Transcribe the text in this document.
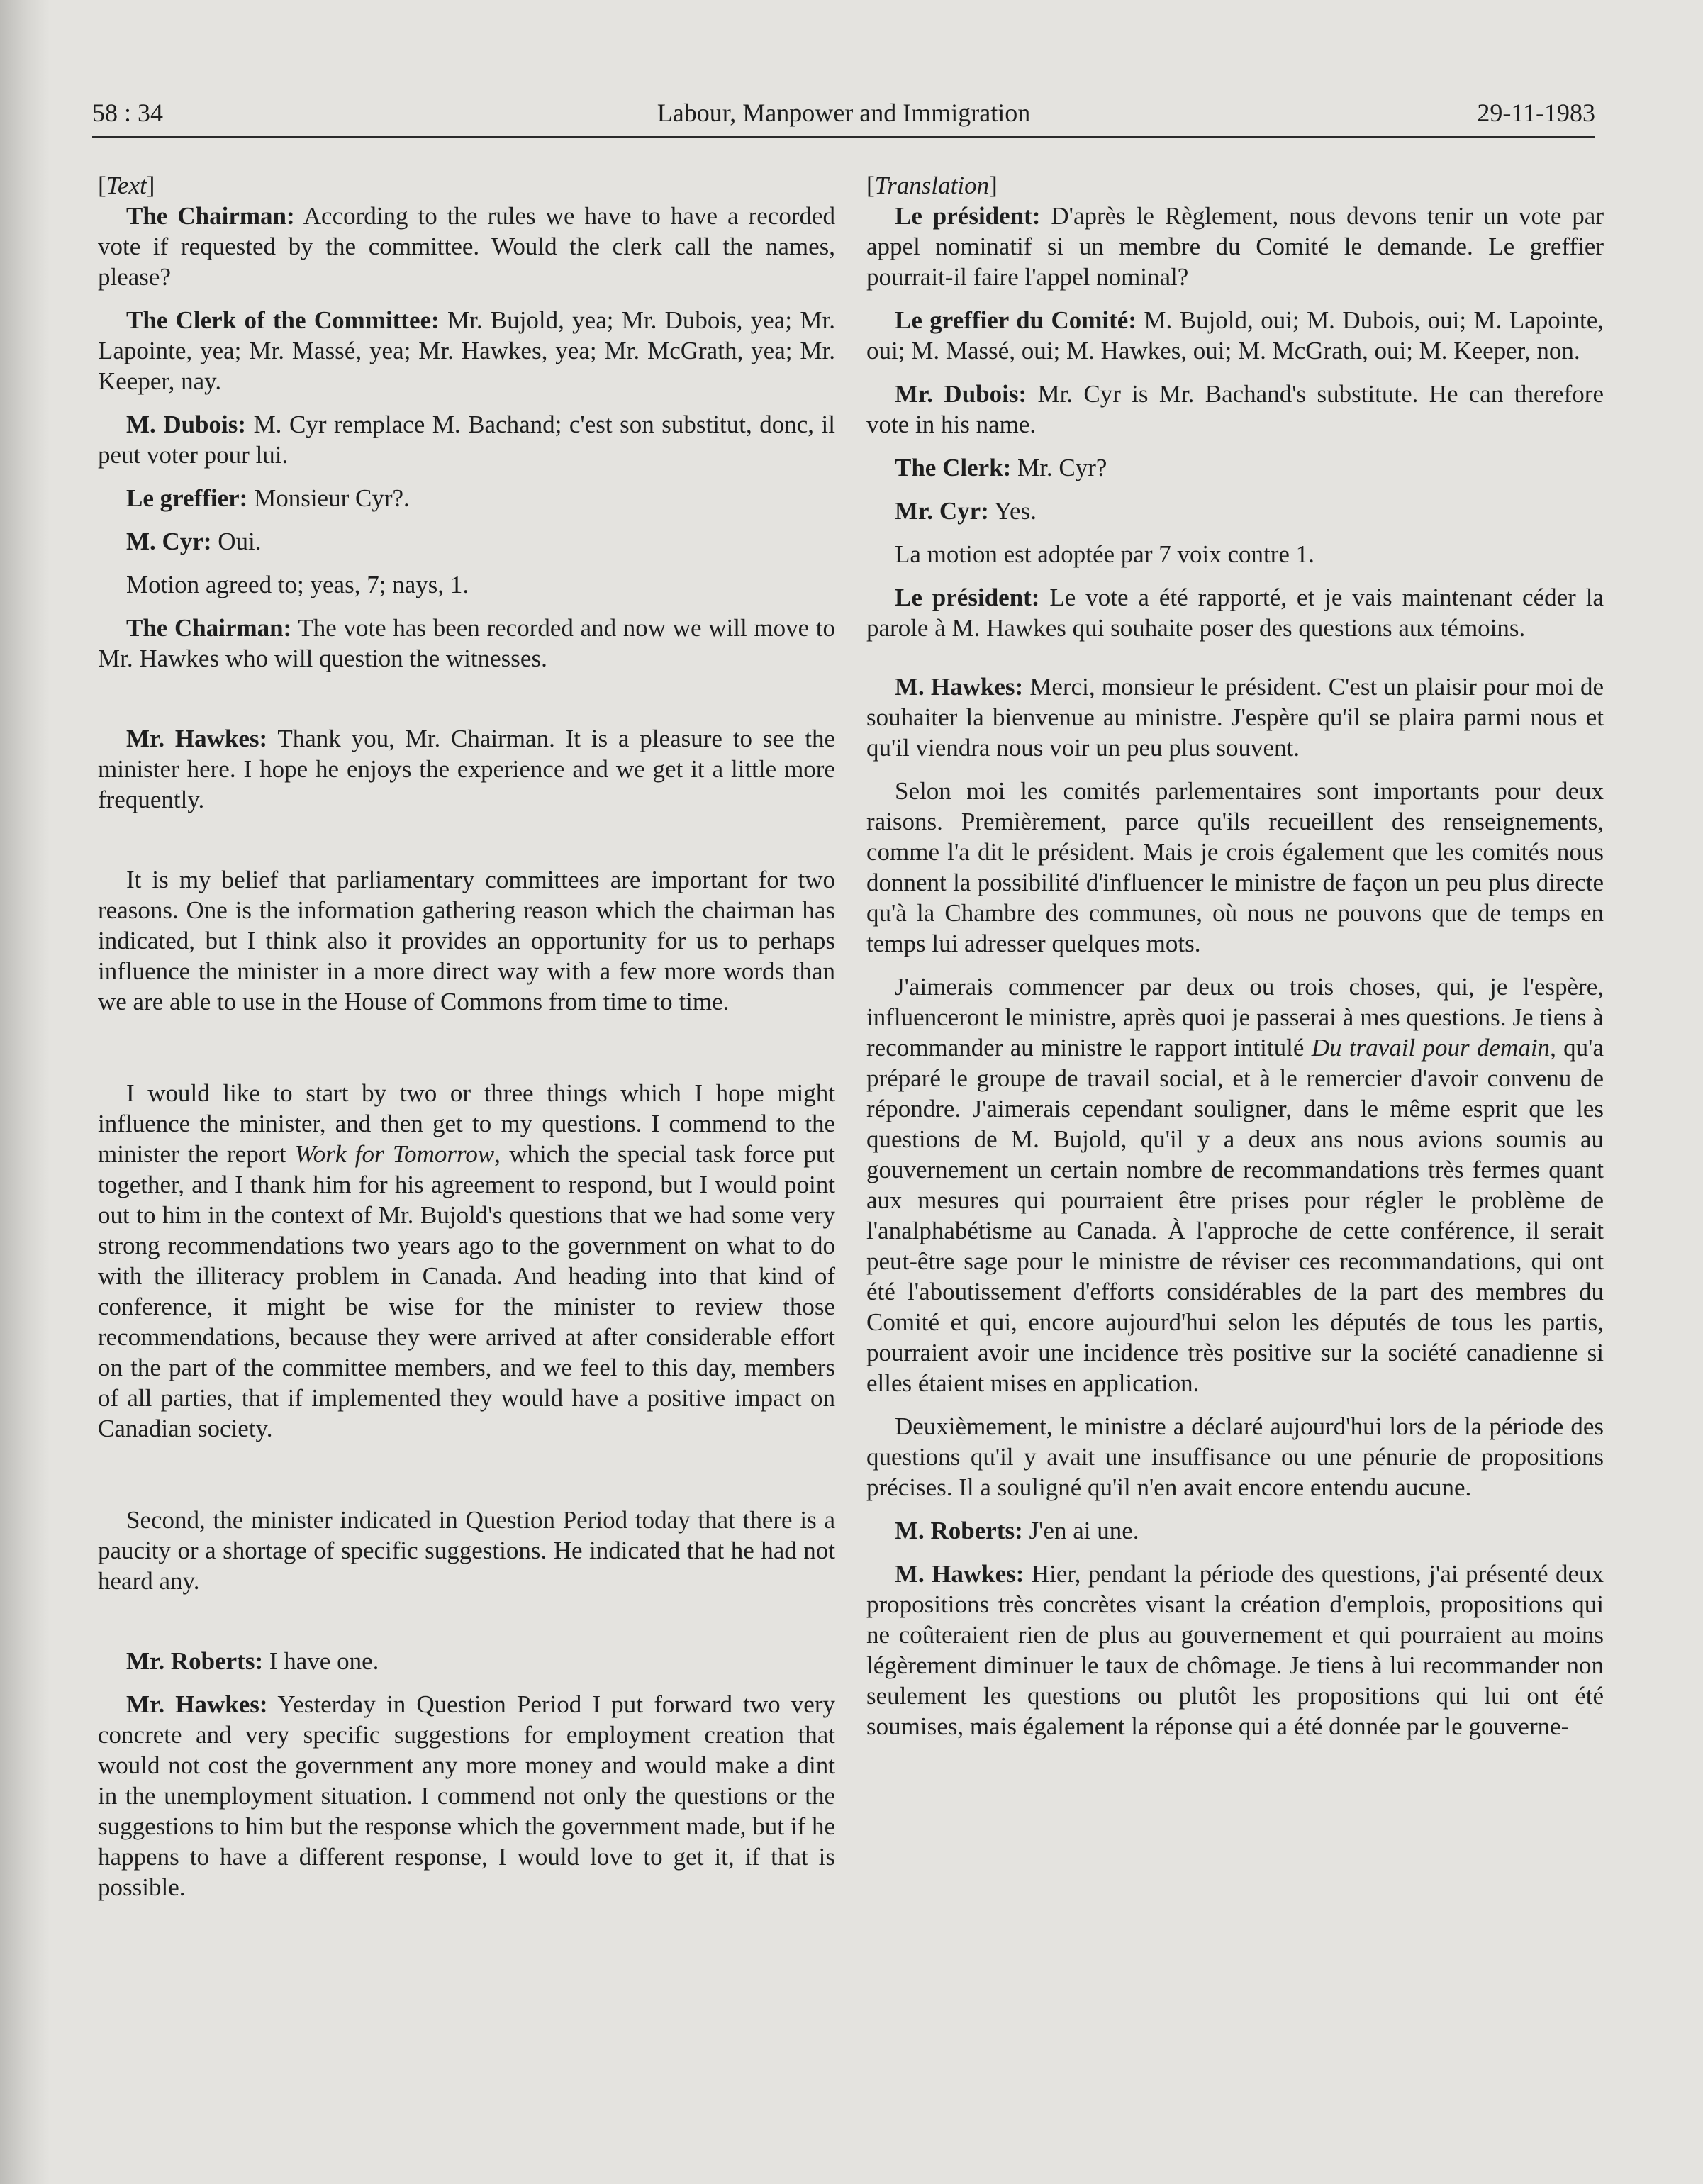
58 : 34	Labour, Manpower and Immigration	29-11-1983

[Text]

The Chairman: According to the rules we have to have a recorded vote if requested by the committee. Would the clerk call the names, please?

The Clerk of the Committee: Mr. Bujold, yea; Mr. Dubois, yea; Mr. Lapointe, yea; Mr. Massé, yea; Mr. Hawkes, yea; Mr. McGrath, yea; Mr. Keeper, nay.

M. Dubois: M. Cyr remplace M. Bachand; c'est son substitut, donc, il peut voter pour lui.

Le greffier: Monsieur Cyr?.

M. Cyr: Oui.

Motion agreed to; yeas, 7; nays, 1.

The Chairman: The vote has been recorded and now we will move to Mr. Hawkes who will question the witnesses.

Mr. Hawkes: Thank you, Mr. Chairman. It is a pleasure to see the minister here. I hope he enjoys the experience and we get it a little more frequently.

It is my belief that parliamentary committees are important for two reasons. One is the information gathering reason which the chairman has indicated, but I think also it provides an opportunity for us to perhaps influence the minister in a more direct way with a few more words than we are able to use in the House of Commons from time to time.

I would like to start by two or three things which I hope might influence the minister, and then get to my questions. I commend to the minister the report Work for Tomorrow, which the special task force put together, and I thank him for his agreement to respond, but I would point out to him in the context of Mr. Bujold's questions that we had some very strong recommendations two years ago to the government on what to do with the illiteracy problem in Canada. And heading into that kind of conference, it might be wise for the minister to review those recommendations, because they were arrived at after considerable effort on the part of the committee members, and we feel to this day, members of all parties, that if implemented they would have a positive impact on Canadian society.

Second, the minister indicated in Question Period today that there is a paucity or a shortage of specific suggestions. He indicated that he had not heard any.

Mr. Roberts: I have one.

Mr. Hawkes: Yesterday in Question Period I put forward two very concrete and very specific suggestions for employment creation that would not cost the government any more money and would make a dint in the unemployment situation. I commend not only the questions or the suggestions to him but the response which the government made, but if he happens to have a different response, I would love to get it, if that is possible.

[Translation]

Le président: D'après le Règlement, nous devons tenir un vote par appel nominatif si un membre du Comité le demande. Le greffier pourrait-il faire l'appel nominal?

Le greffier du Comité: M. Bujold, oui; M. Dubois, oui; M. Lapointe, oui; M. Massé, oui; M. Hawkes, oui; M. McGrath, oui; M. Keeper, non.

Mr. Dubois: Mr. Cyr is Mr. Bachand's substitute. He can therefore vote in his name.

The Clerk: Mr. Cyr?

Mr. Cyr: Yes.

La motion est adoptée par 7 voix contre 1.

Le président: Le vote a été rapporté, et je vais maintenant céder la parole à M. Hawkes qui souhaite poser des questions aux témoins.

M. Hawkes: Merci, monsieur le président. C'est un plaisir pour moi de souhaiter la bienvenue au ministre. J'espère qu'il se plaira parmi nous et qu'il viendra nous voir un peu plus souvent.

Selon moi les comités parlementaires sont importants pour deux raisons. Premièrement, parce qu'ils recueillent des renseignements, comme l'a dit le président. Mais je crois également que les comités nous donnent la possibilité d'influencer le ministre de façon un peu plus directe qu'à la Chambre des communes, où nous ne pouvons que de temps en temps lui adresser quelques mots.

J'aimerais commencer par deux ou trois choses, qui, je l'espère, influenceront le ministre, après quoi je passerai à mes questions. Je tiens à recommander au ministre le rapport intitulé Du travail pour demain, qu'a préparé le groupe de travail social, et à le remercier d'avoir convenu de répondre. J'aimerais cependant souligner, dans le même esprit que les questions de M. Bujold, qu'il y a deux ans nous avions soumis au gouvernement un certain nombre de recommandations très fermes quant aux mesures qui pourraient être prises pour régler le problème de l'analphabétisme au Canada. À l'approche de cette conférence, il serait peut-être sage pour le ministre de réviser ces recommandations, qui ont été l'aboutissement d'efforts considérables de la part des membres du Comité et qui, encore aujourd'hui selon les députés de tous les partis, pourraient avoir une incidence très positive sur la société canadienne si elles étaient mises en application.

Deuxièmement, le ministre a déclaré aujourd'hui lors de la période des questions qu'il y avait une insuffisance ou une pénurie de propositions précises. Il a souligné qu'il n'en avait encore entendu aucune.

M. Roberts: J'en ai une.

M. Hawkes: Hier, pendant la période des questions, j'ai présenté deux propositions très concrètes visant la création d'emplois, propositions qui ne coûteraient rien de plus au gouvernement et qui pourraient au moins légèrement diminuer le taux de chômage. Je tiens à lui recommander non seulement les questions ou plutôt les propositions qui lui ont été soumises, mais également la réponse qui a été donnée par le gouverne-
